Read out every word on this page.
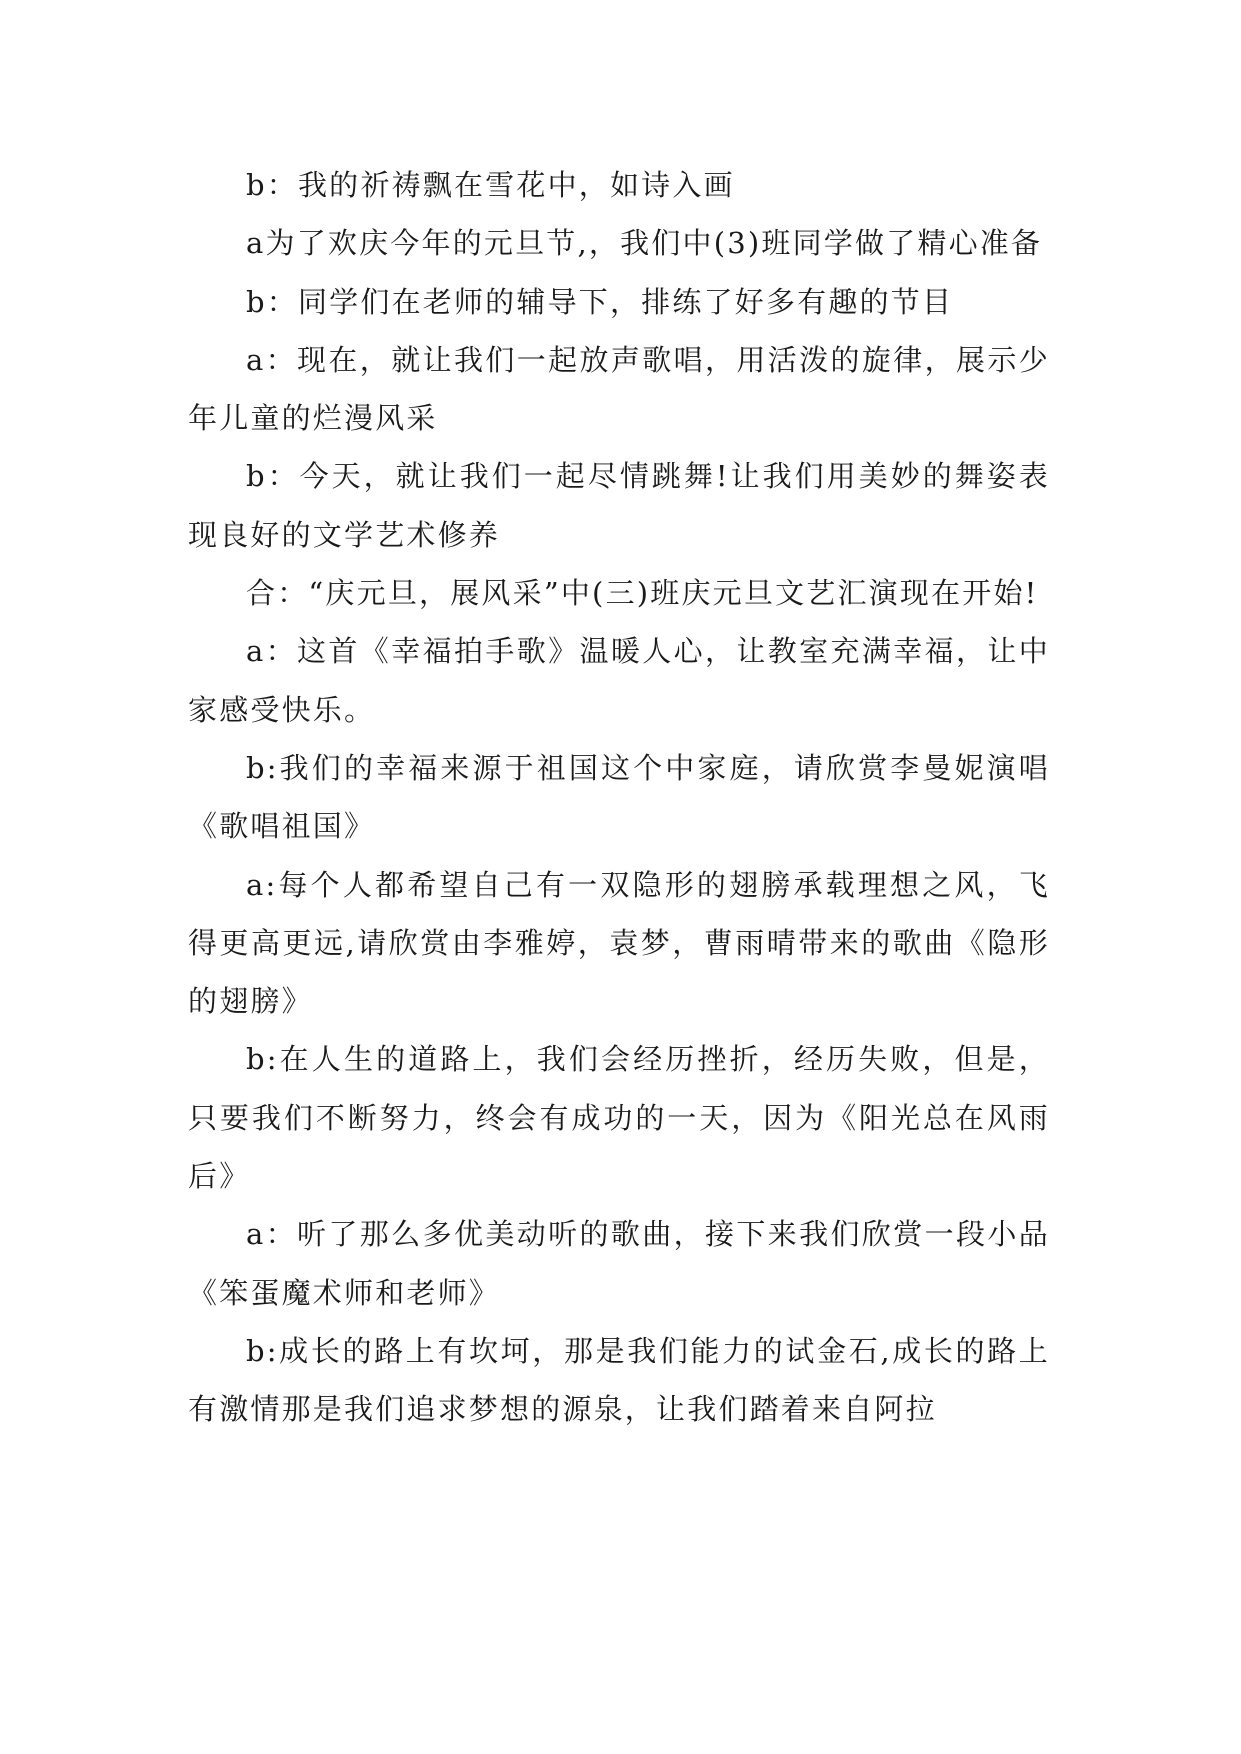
b：我的祈祷飘在雪花中，如诗入画

a为了欢庆今年的元旦节,，我们中(3)班同学做了精心准备

b：同学们在老师的辅导下，排练了好多有趣的节目

a：现在，就让我们一起放声歌唱，用活泼的旋律，展示少年儿童的烂漫风采

b：今天，就让我们一起尽情跳舞!让我们用美妙的舞姿表现良好的文学艺术修养

合：“庆元旦，展风采”中(三)班庆元旦文艺汇演现在开始!

a：这首《幸福拍手歌》温暖人心，让教室充满幸福，让中家感受快乐。

b:我们的幸福来源于祖国这个中家庭，请欣赏李曼妮演唱《歌唱祖国》

a:每个人都希望自己有一双隐形的翅膀承载理想之风，飞得更高更远,请欣赏由李雅婷，袁梦，曹雨晴带来的歌曲《隐形的翅膀》

b:在人生的道路上，我们会经历挫折，经历失败，但是，只要我们不断努力，终会有成功的一天，因为《阳光总在风雨后》

a：听了那么多优美动听的歌曲，接下来我们欣赏一段小品《笨蛋魔术师和老师》

b:成长的路上有坎坷，那是我们能力的试金石,成长的路上有激情那是我们追求梦想的源泉，让我们踏着来自阿拉
